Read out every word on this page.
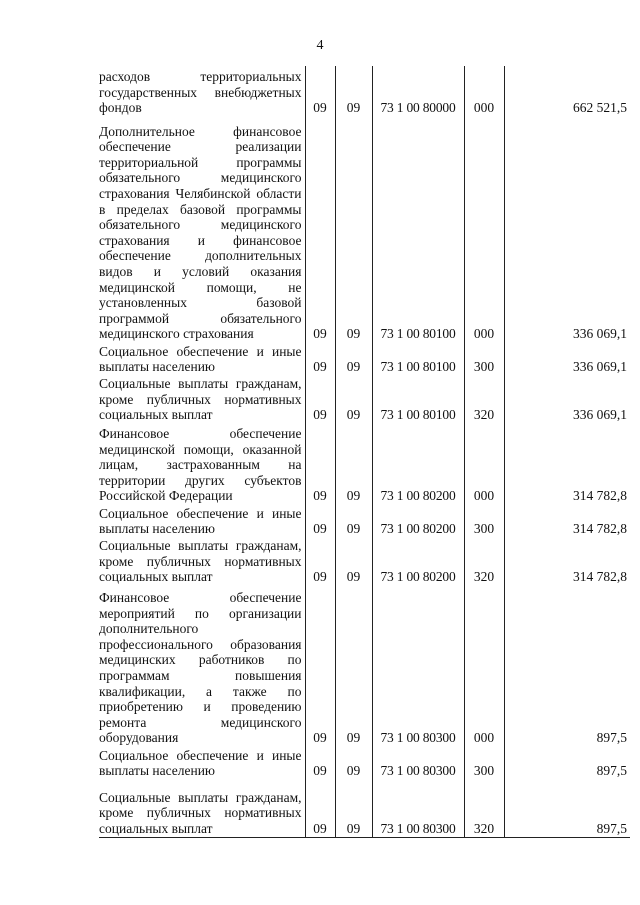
4
расходов территориальных государственных внебюджетных фондов	09	09	73 1 00 80000	000	662 521,5
Дополнительное финансовое обеспечение реализации территориальной программы обязательного медицинского страхования Челябинской области в пределах базовой программы обязательного медицинского страхования и финансовое обеспечение дополнительных видов и условий оказания медицинской помощи, не установленных базовой программой обязательного медицинского страхования	09	09	73 1 00 80100	000	336 069,1
Социальное обеспечение и иные выплаты населению	09	09	73 1 00 80100	300	336 069,1
Социальные выплаты гражданам, кроме публичных нормативных социальных выплат	09	09	73 1 00 80100	320	336 069,1
Финансовое обеспечение медицинской помощи, оказанной лицам, застрахованным на территории других субъектов Российской Федерации	09	09	73 1 00 80200	000	314 782,8
Социальное обеспечение и иные выплаты населению	09	09	73 1 00 80200	300	314 782,8
Социальные выплаты гражданам, кроме публичных нормативных социальных выплат	09	09	73 1 00 80200	320	314 782,8
Финансовое обеспечение мероприятий по организации дополнительного профессионального образования медицинских работников по программам повышения квалификации, а также по приобретению и проведению ремонта медицинского оборудования	09	09	73 1 00 80300	000	897,5
Социальное обеспечение и иные выплаты населению	09	09	73 1 00 80300	300	897,5
Социальные выплаты гражданам, кроме публичных нормативных социальных выплат	09	09	73 1 00 80300	320	897,5
